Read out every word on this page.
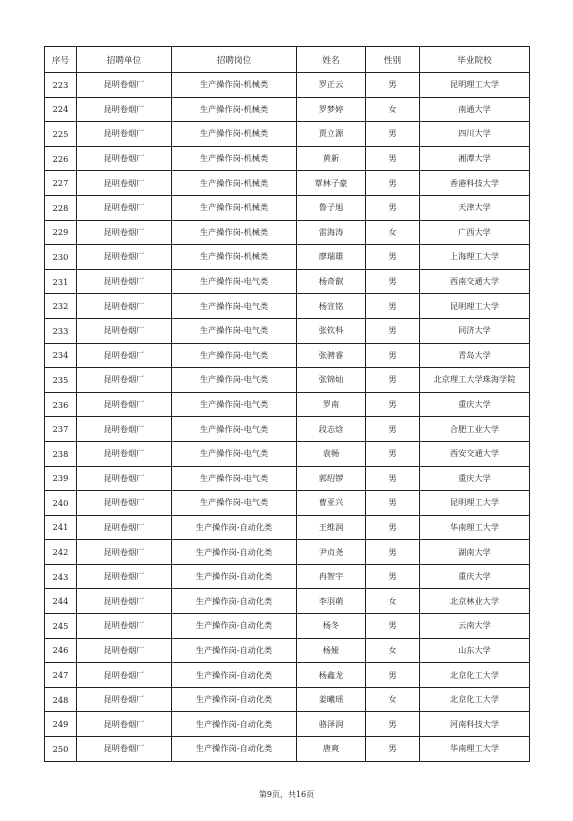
序号	招聘单位	招聘岗位	姓名	性别	毕业院校
223	昆明卷烟厂	生产操作岗-机械类	罗正云	男	昆明理工大学
224	昆明卷烟厂	生产操作岗-机械类	罗梦婷	女	南通大学
225	昆明卷烟厂	生产操作岗-机械类	贾立源	男	四川大学
226	昆明卷烟厂	生产操作岗-机械类	黄新	男	湘潭大学
227	昆明卷烟厂	生产操作岗-机械类	覃林子豪	男	香港科技大学
228	昆明卷烟厂	生产操作岗-机械类	鲁子旭	男	天津大学
229	昆明卷烟厂	生产操作岗-机械类	雷海涛	女	广西大学
230	昆明卷烟厂	生产操作岗-机械类	廖瑞雄	男	上海理工大学
231	昆明卷烟厂	生产操作岗-电气类	杨奇叡	男	西南交通大学
232	昆明卷烟厂	生产操作岗-电气类	杨宣铭	男	昆明理工大学
233	昆明卷烟厂	生产操作岗-电气类	张钦科	男	同济大学
234	昆明卷烟厂	生产操作岗-电气类	张骋睿	男	青岛大学
235	昆明卷烟厂	生产操作岗-电气类	张锦灿	男	北京理工大学珠海学院
236	昆明卷烟厂	生产操作岗-电气类	罗南	男	重庆大学
237	昆明卷烟厂	生产操作岗-电气类	段志焓	男	合肥工业大学
238	昆明卷烟厂	生产操作岗-电气类	袁畅	男	西安交通大学
239	昆明卷烟厂	生产操作岗-电气类	郭绍锣	男	重庆大学
240	昆明卷烟厂	生产操作岗-电气类	曹亚兴	男	昆明理工大学
241	昆明卷烟厂	生产操作岗-自动化类	王维润	男	华南理工大学
242	昆明卷烟厂	生产操作岗-自动化类	尹贞尧	男	湖南大学
243	昆明卷烟厂	生产操作岗-自动化类	冉智宇	男	重庆大学
244	昆明卷烟厂	生产操作岗-自动化类	李羽萌	女	北京林业大学
245	昆明卷烟厂	生产操作岗-自动化类	杨冬	男	云南大学
246	昆明卷烟厂	生产操作岗-自动化类	杨娅	女	山东大学
247	昆明卷烟厂	生产操作岗-自动化类	杨鑫龙	男	北京化工大学
248	昆明卷烟厂	生产操作岗-自动化类	姜曦瑶	女	北京化工大学
249	昆明卷烟厂	生产操作岗-自动化类	骆泽润	男	河南科技大学
250	昆明卷烟厂	生产操作岗-自动化类	唐爽	男	华南理工大学
第9页，共16页
